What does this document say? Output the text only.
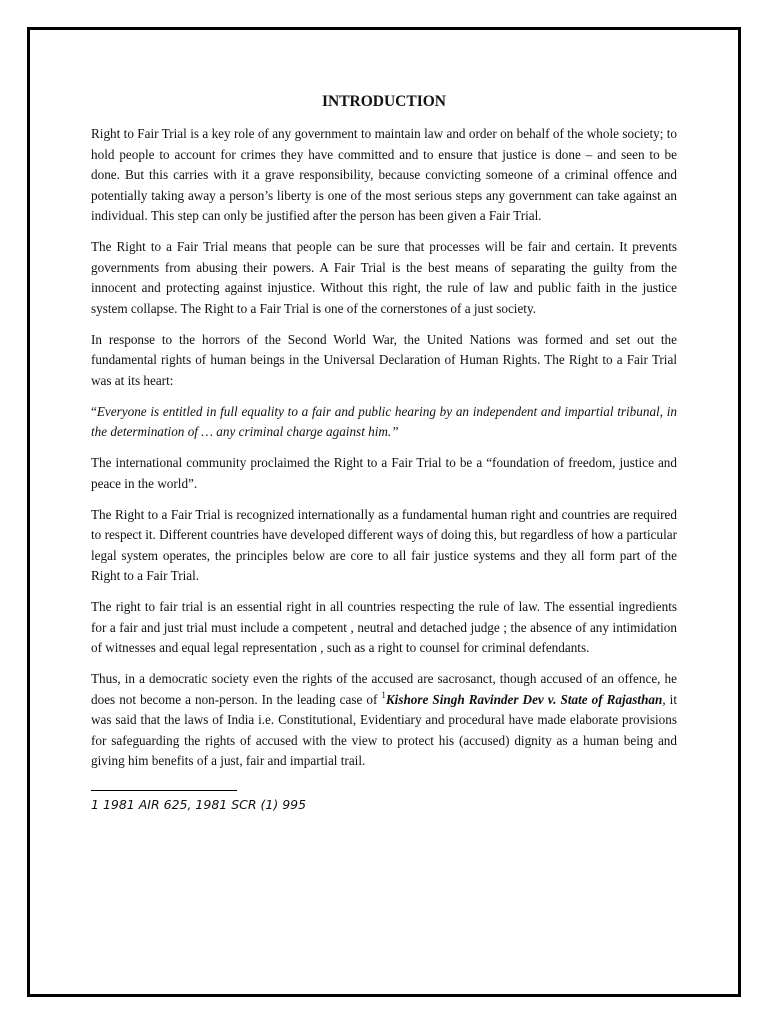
INTRODUCTION

Right to Fair Trial is a key role of any government to maintain law and order on behalf of the whole society; to hold people to account for crimes they have committed and to ensure that justice is done – and seen to be done. But this carries with it a grave responsibility, because convicting someone of a criminal offence and potentially taking away a person’s liberty is one of the most serious steps any government can take against an individual. This step can only be justified after the person has been given a Fair Trial.

The Right to a Fair Trial means that people can be sure that processes will be fair and certain. It prevents governments from abusing their powers. A Fair Trial is the best means of separating the guilty from the innocent and protecting against injustice. Without this right, the rule of law and public faith in the justice system collapse. The Right to a Fair Trial is one of the cornerstones of a just society.

In response to the horrors of the Second World War, the United Nations was formed and set out the fundamental rights of human beings in the Universal Declaration of Human Rights. The Right to a Fair Trial was at its heart:

“Everyone is entitled in full equality to a fair and public hearing by an independent and impartial tribunal, in the determination of … any criminal charge against him.”

The international community proclaimed the Right to a Fair Trial to be a “foundation of freedom, justice and peace in the world”.

The Right to a Fair Trial is recognized internationally as a fundamental human right and countries are required to respect it. Different countries have developed different ways of doing this, but regardless of how a particular legal system operates, the principles below are core to all fair justice systems and they all form part of the Right to a Fair Trial.

The right to fair trial is an essential right in all countries respecting the rule of law. The essential ingredients for a fair and just trial must include a competent , neutral and detached judge ; the absence of any intimidation of witnesses and equal legal representation , such as a right to counsel for criminal defendants.

Thus, in a democratic society even the rights of the accused are sacrosanct, though accused of an offence, he does not become a non-person. In the leading case of $^1$Kishore Singh Ravinder Dev v. State of Rajasthan, it was said that the laws of India i.e. Constitutional, Evidentiary and procedural have made elaborate provisions for safeguarding the rights of accused with the view to protect his (accused) dignity as a human being and giving him benefits of a just, fair and impartial trail.

1 1981 AIR 625, 1981 SCR (1) 995
